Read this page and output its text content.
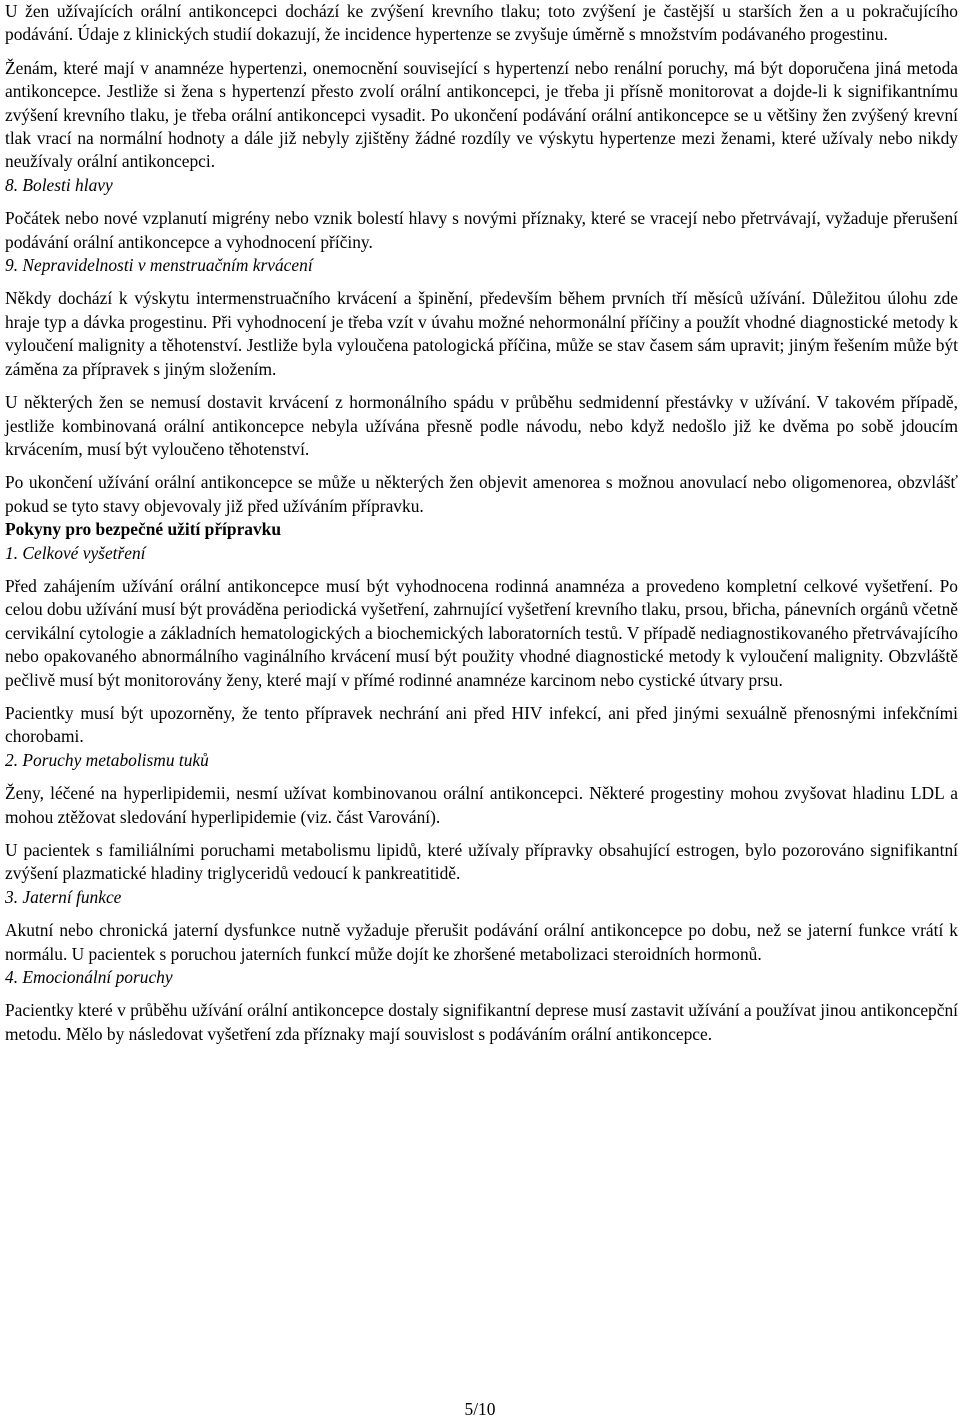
U žen užívajících orální antikoncepci dochází ke zvýšení krevního tlaku; toto zvýšení je častější u starších žen a u pokračujícího podávání. Údaje z klinických studií dokazují, že incidence hypertenze se zvyšuje úměrně s množstvím podávaného progestinu.

Ženám, které mají v anamnéze hypertenzi, onemocnění související s hypertenzí nebo renální poruchy, má být doporučena jiná metoda antikoncepce. Jestliže si žena s hypertenzí přesto zvolí orální antikoncepci, je třeba ji přísně monitorovat a dojde-li k signifikantnímu zvýšení krevního tlaku, je třeba orální antikoncepci vysadit. Po ukončení podávání orální antikoncepce se u většiny žen zvýšený krevní tlak vrací na normální hodnoty a dále již nebyly zjištěny žádné rozdíly ve výskytu hypertenze mezi ženami, které užívaly nebo nikdy neužívaly orální antikoncepci.

8. Bolesti hlavy

Počátek nebo nové vzplanutí migrény nebo vznik bolestí hlavy s novými příznaky, které se vracejí nebo přetrvávají, vyžaduje přerušení podávání orální antikoncepce a vyhodnocení příčiny.

9. Nepravidelnosti v menstruačním krvácení

Někdy dochází k výskytu intermenstruačního krvácení a špinění, především během prvních tří měsíců užívání. Důležitou úlohu zde hraje typ a dávka progestinu. Při vyhodnocení je třeba vzít v úvahu možné nehormonální příčiny a použít vhodné diagnostické metody k vyloučení malignity a těhotenství. Jestliže byla vyloučena patologická příčina, může se stav časem sám upravit; jiným řešením může být záměna za přípravek s jiným složením.

U některých žen se nemusí dostavit krvácení z hormonálního spádu v průběhu sedmidenní přestávky v užívání. V takovém případě, jestliže kombinovaná orální antikoncepce nebyla užívána přesně podle návodu, nebo když nedošlo již ke dvěma po sobě jdoucím krvácením, musí být vyloučeno těhotenství.

Po ukončení užívání orální antikoncepce se může u některých žen objevit amenorea s možnou anovulací nebo oligomenorea, obzvlášť pokud se tyto stavy objevovaly již před užíváním přípravku.

Pokyny pro bezpečné užití přípravku
1. Celkové vyšetření

Před zahájením užívání orální antikoncepce musí být vyhodnocena rodinná anamnéza a provedeno kompletní celkové vyšetření. Po celou dobu užívání musí být prováděna periodická vyšetření, zahrnující vyšetření krevního tlaku, prsou, břicha, pánevních orgánů včetně cervikální cytologie a základních hematologických a biochemických laboratorních testů. V případě nediagnostikovaného přetrvávajícího nebo opakovaného abnormálního vaginálního krvácení musí být použity vhodné diagnostické metody k vyloučení malignity. Obzvláště pečlivě musí být monitorovány ženy, které mají v přímé rodinné anamnéze karcinom nebo cystické útvary prsu.

Pacientky musí být upozorněny, že tento přípravek nechrání ani před HIV infekcí, ani před jinými sexuálně přenosnými infekčními chorobami.

2. Poruchy metabolismu tuků

Ženy, léčené na hyperlipidemii, nesmí užívat kombinovanou orální antikoncepci. Některé progestiny mohou zvyšovat hladinu LDL a mohou ztěžovat sledování hyperlipidemie (viz. část Varování).

U pacientek s familiálními poruchami metabolismu lipidů, které užívaly přípravky obsahující estrogen, bylo pozorováno signifikantní zvýšení plazmatické hladiny triglyceridů vedoucí k pankreatitidě.

3. Jaterní funkce

Akutní nebo chronická jaterní dysfunkce nutně vyžaduje přerušit podávání orální antikoncepce po dobu, než se jaterní funkce vrátí k normálu. U pacientek s poruchou jaterních funkcí může dojít ke zhoršené metabolizaci steroidních hormonů.

4. Emocionální poruchy

Pacientky které v průběhu užívání orální antikoncepce dostaly signifikantní deprese musí zastavit užívání a používat jinou antikoncepční metodu. Mělo by následovat vyšetření zda příznaky mají souvislost s podáváním orální antikoncepce.

5/10
